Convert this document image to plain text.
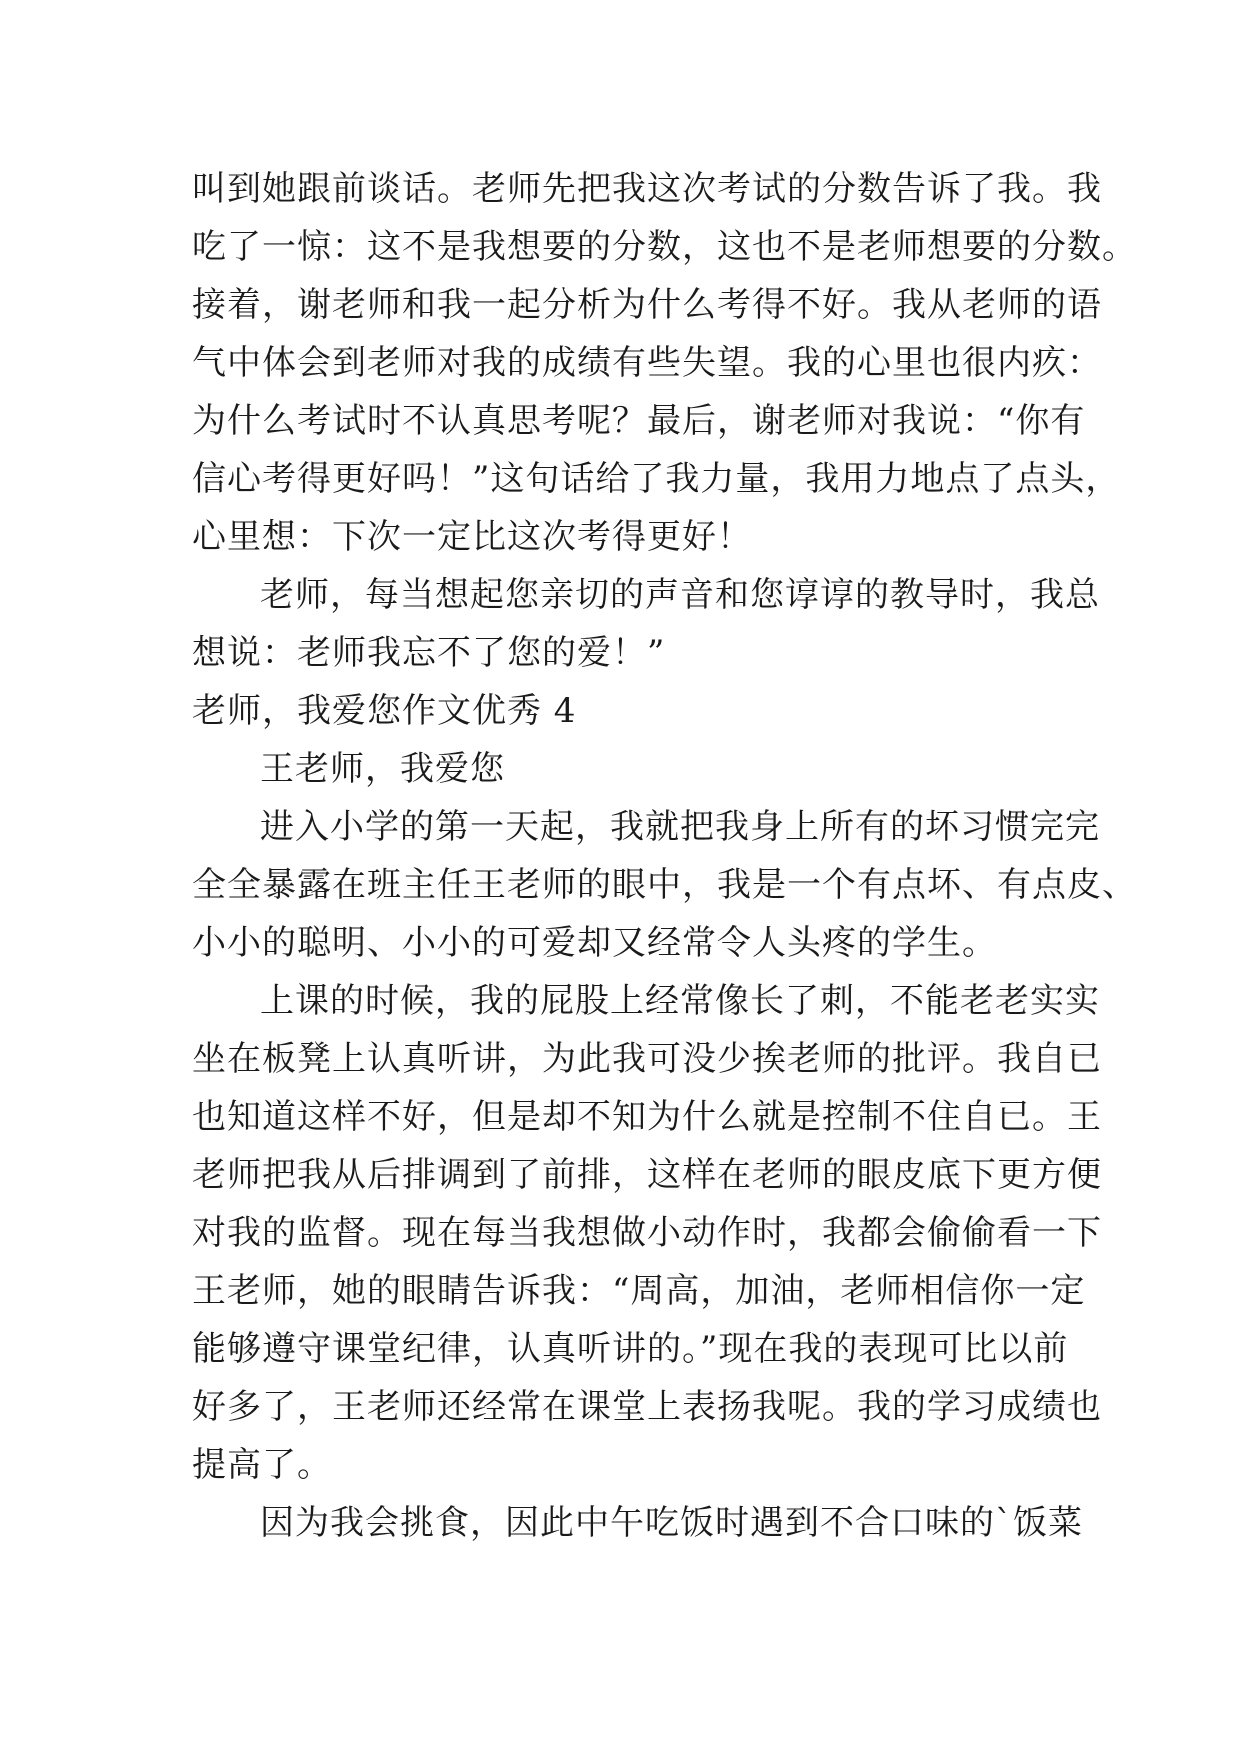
叫到她跟前谈话。老师先把我这次考试的分数告诉了我。我
吃了一惊：这不是我想要的分数，这也不是老师想要的分数。
接着，谢老师和我一起分析为什么考得不好。我从老师的语
气中体会到老师对我的成绩有些失望。我的心里也很内疚：
为什么考试时不认真思考呢？最后，谢老师对我说：“你有
信心考得更好吗！”这句话给了我力量，我用力地点了点头，
心里想：下次一定比这次考得更好！
老师，每当想起您亲切的声音和您谆谆的教导时，我总
想说：老师我忘不了您的爱！”
老师，我爱您作文优秀 4
王老师，我爱您
进入小学的第一天起，我就把我身上所有的坏习惯完完
全全暴露在班主任王老师的眼中，我是一个有点坏、有点皮、
小小的聪明、小小的可爱却又经常令人头疼的学生。
上课的时候，我的屁股上经常像长了刺，不能老老实实
坐在板凳上认真听讲，为此我可没少挨老师的批评。我自已
也知道这样不好，但是却不知为什么就是控制不住自已。王
老师把我从后排调到了前排，这样在老师的眼皮底下更方便
对我的监督。现在每当我想做小动作时，我都会偷偷看一下
王老师，她的眼睛告诉我：“周高，加油，老师相信你一定
能够遵守课堂纪律，认真听讲的。”现在我的表现可比以前
好多了，王老师还经常在课堂上表扬我呢。我的学习成绩也
提高了。
因为我会挑食，因此中午吃饭时遇到不合口味的`饭菜
